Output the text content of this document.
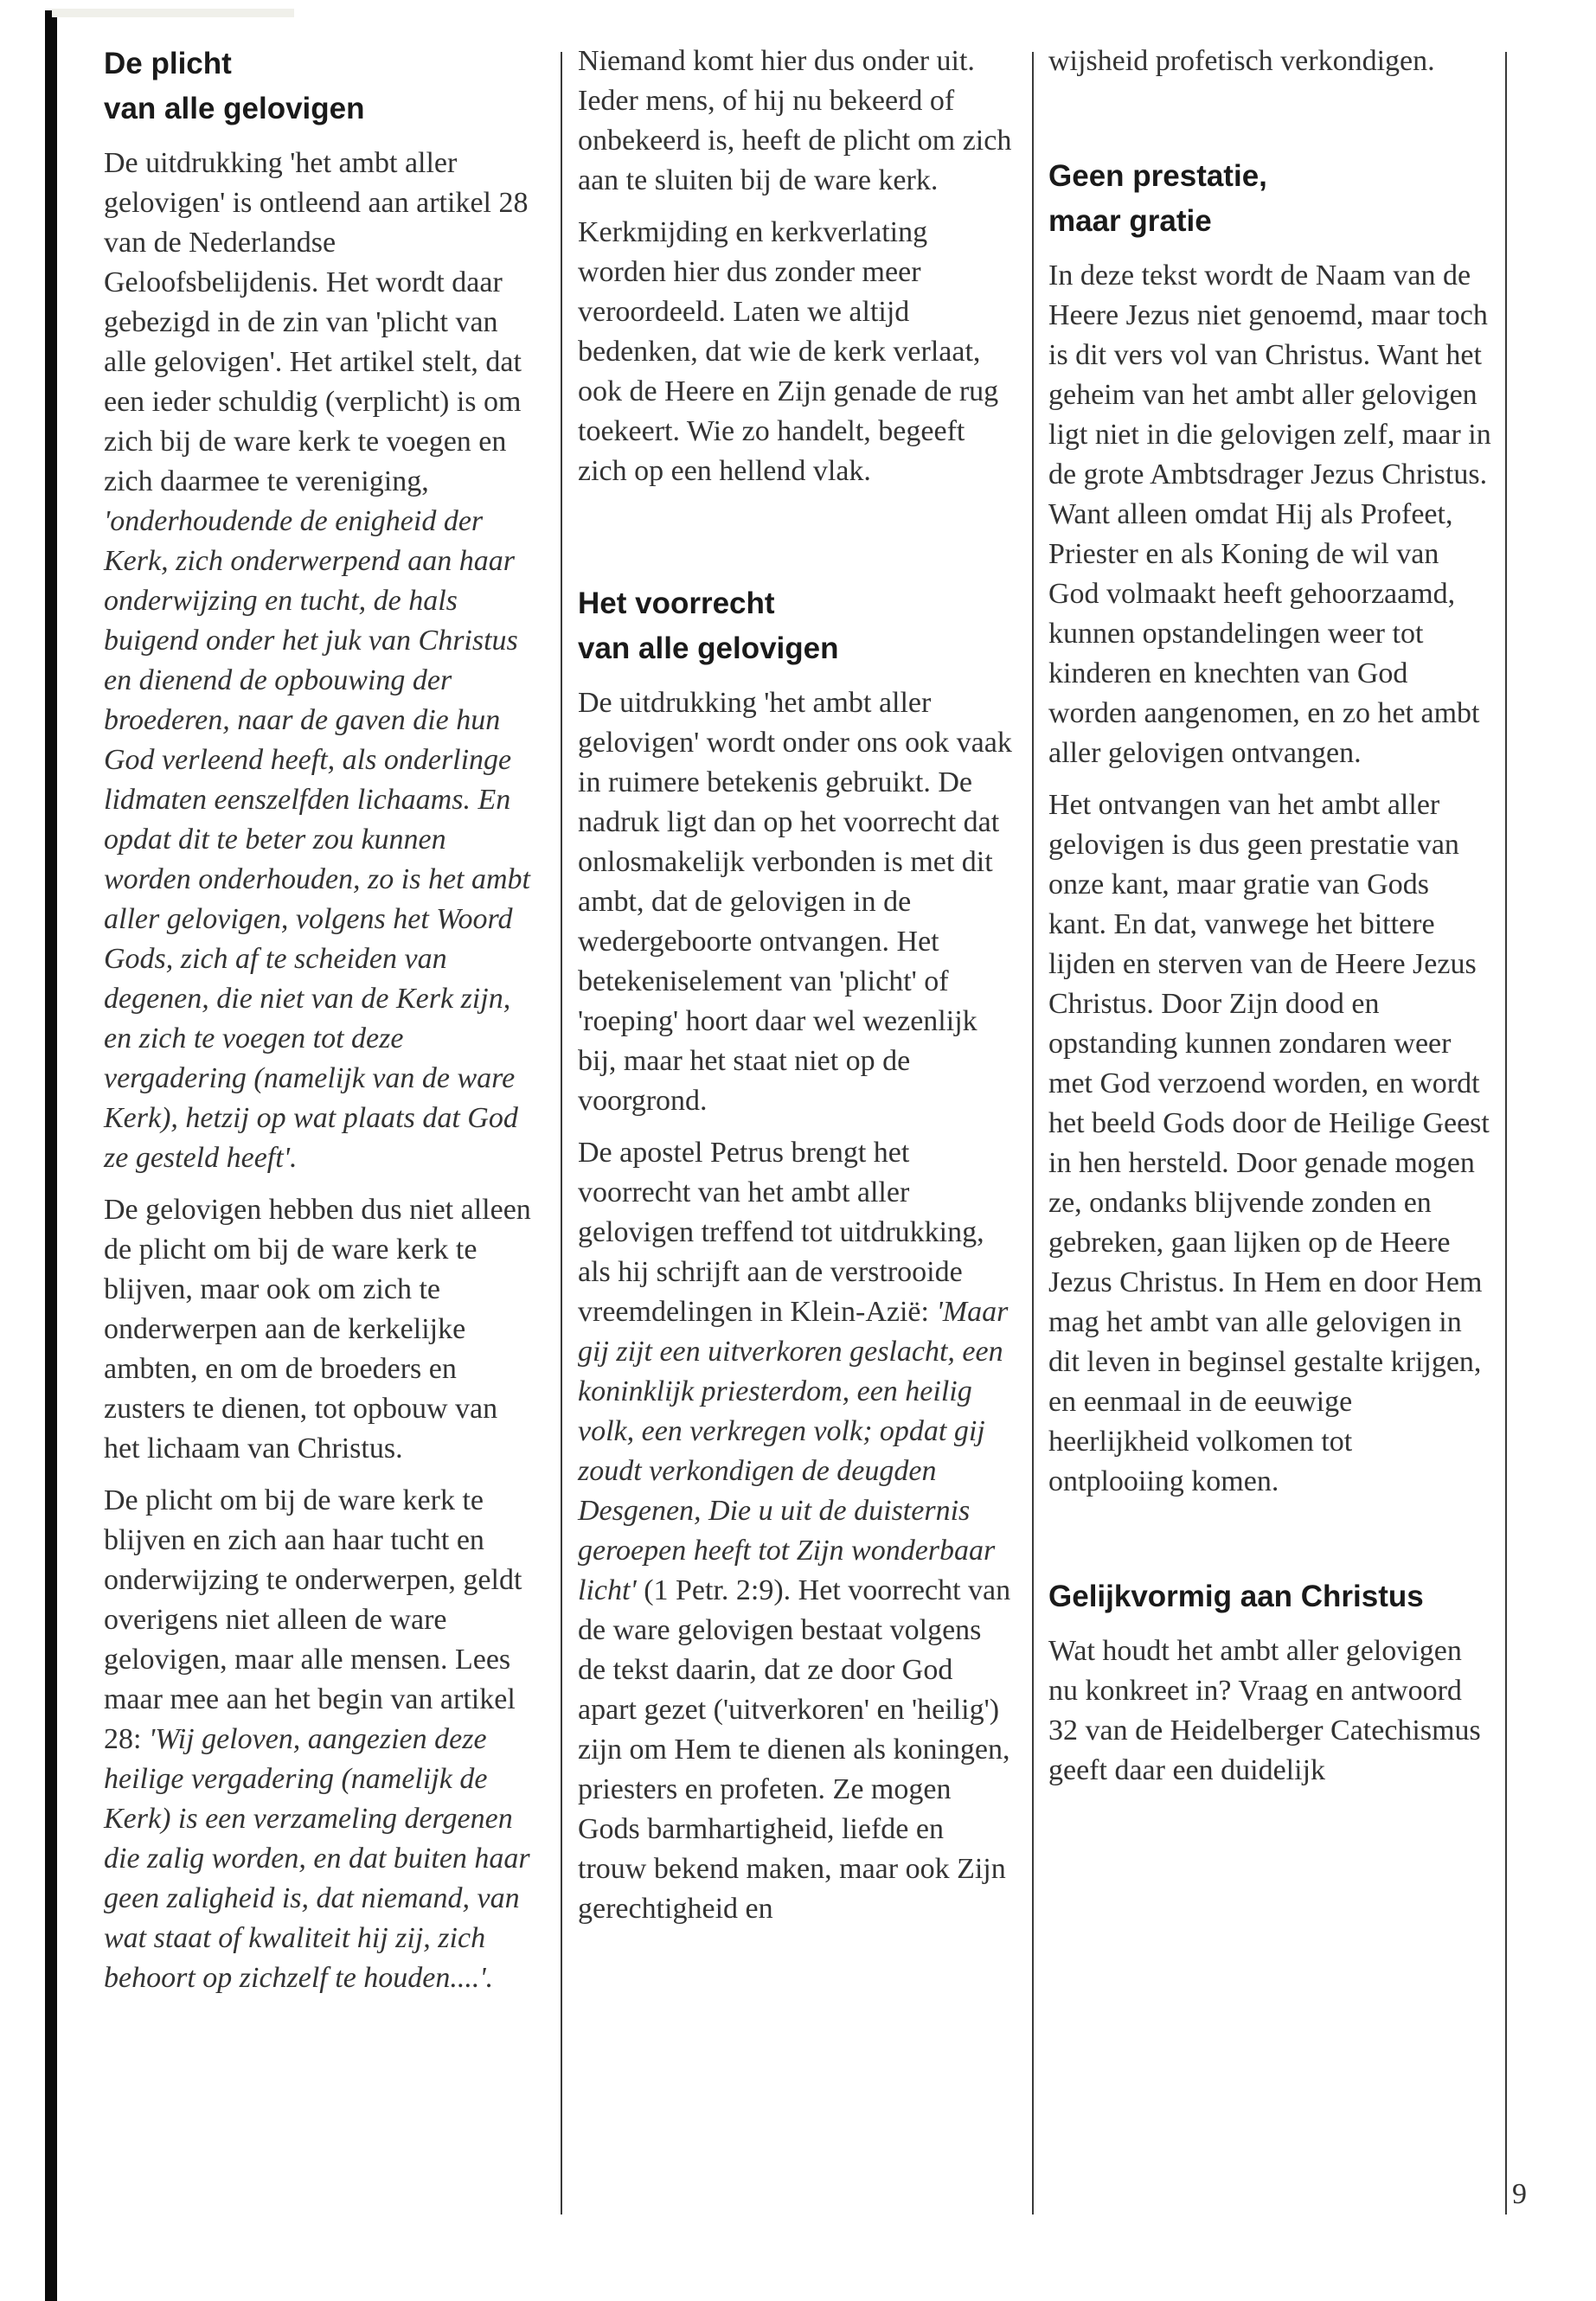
De plicht
van alle gelovigen

De uitdrukking 'het ambt aller gelovigen' is ontleend aan artikel 28 van de Nederlandse Geloofsbelijdenis. Het wordt daar gebezigd in de zin van 'plicht van alle gelovigen'. Het artikel stelt, dat een ieder schuldig (verplicht) is om zich bij de ware kerk te voegen en zich daarmee te vereniging, 'onderhoudende de enigheid der Kerk, zich onderwerpend aan haar onderwijzing en tucht, de hals buigend onder het juk van Christus en dienend de opbouwing der broederen, naar de gaven die hun God verleend heeft, als onderlinge lidmaten eenszelfden lichaams. En opdat dit te beter zou kunnen worden onderhouden, zo is het ambt aller gelovigen, volgens het Woord Gods, zich af te scheiden van degenen, die niet van de Kerk zijn, en zich te voegen tot deze vergadering (namelijk van de ware Kerk), hetzij op wat plaats dat God ze gesteld heeft'.

De gelovigen hebben dus niet alleen de plicht om bij de ware kerk te blijven, maar ook om zich te onderwerpen aan de kerkelijke ambten, en om de broeders en zusters te dienen, tot opbouw van het lichaam van Christus.

De plicht om bij de ware kerk te blijven en zich aan haar tucht en onderwijzing te onderwerpen, geldt overigens niet alleen de ware gelovigen, maar alle mensen. Lees maar mee aan het begin van artikel 28: 'Wij geloven, aangezien deze heilige vergadering (namelijk de Kerk) is een verzameling dergenen die zalig worden, en dat buiten haar geen zaligheid is, dat niemand, van wat staat of kwaliteit hij zij, zich behoort op zichzelf te houden....'.

Niemand komt hier dus onder uit. Ieder mens, of hij nu bekeerd of onbekeerd is, heeft de plicht om zich aan te sluiten bij de ware kerk.

Kerkmijding en kerkverlating worden hier dus zonder meer veroordeeld. Laten we altijd bedenken, dat wie de kerk verlaat, ook de Heere en Zijn genade de rug toekeert. Wie zo handelt, begeeft zich op een hellend vlak.

Het voorrecht
van alle gelovigen

De uitdrukking 'het ambt aller gelovigen' wordt onder ons ook vaak in ruimere betekenis gebruikt. De nadruk ligt dan op het voorrecht dat onlosmakelijk verbonden is met dit ambt, dat de gelovigen in de wedergeboorte ontvangen. Het betekeniselement van 'plicht' of 'roeping' hoort daar wel wezenlijk bij, maar het staat niet op de voorgrond.

De apostel Petrus brengt het voorrecht van het ambt aller gelovigen treffend tot uitdrukking, als hij schrijft aan de verstrooide vreemdelingen in Klein-Azië: 'Maar gij zijt een uitverkoren geslacht, een koninklijk priesterdom, een heilig volk, een verkregen volk; opdat gij zoudt verkondigen de deugden Desgenen, Die u uit de duisternis geroepen heeft tot Zijn wonderbaar licht' (1 Petr. 2:9). Het voorrecht van de ware gelovigen bestaat volgens de tekst daarin, dat ze door God apart gezet ('uitverkoren' en 'heilig') zijn om Hem te dienen als koningen, priesters en profeten. Ze mogen Gods barmhartigheid, liefde en trouw bekend maken, maar ook Zijn gerechtigheid en

wijsheid profetisch verkondigen.

Geen prestatie,
maar gratie

In deze tekst wordt de Naam van de Heere Jezus niet genoemd, maar toch is dit vers vol van Christus. Want het geheim van het ambt aller gelovigen ligt niet in die gelovigen zelf, maar in de grote Ambtsdrager Jezus Christus. Want alleen omdat Hij als Profeet, Priester en als Koning de wil van God volmaakt heeft gehoorzaamd, kunnen opstandelingen weer tot kinderen en knechten van God worden aangenomen, en zo het ambt aller gelovigen ontvangen.

Het ontvangen van het ambt aller gelovigen is dus geen prestatie van onze kant, maar gratie van Gods kant. En dat, vanwege het bittere lijden en sterven van de Heere Jezus Christus. Door Zijn dood en opstanding kunnen zondaren weer met God verzoend worden, en wordt het beeld Gods door de Heilige Geest in hen hersteld. Door genade mogen ze, ondanks blijvende zonden en gebreken, gaan lijken op de Heere Jezus Christus. In Hem en door Hem mag het ambt van alle gelovigen in dit leven in beginsel gestalte krijgen, en eenmaal in de eeuwige heerlijkheid volkomen tot ontplooiing komen.

Gelijkvormig aan Christus

Wat houdt het ambt aller gelovigen nu konkreet in? Vraag en antwoord 32 van de Heidelberger Catechismus geeft daar een duidelijk

9
